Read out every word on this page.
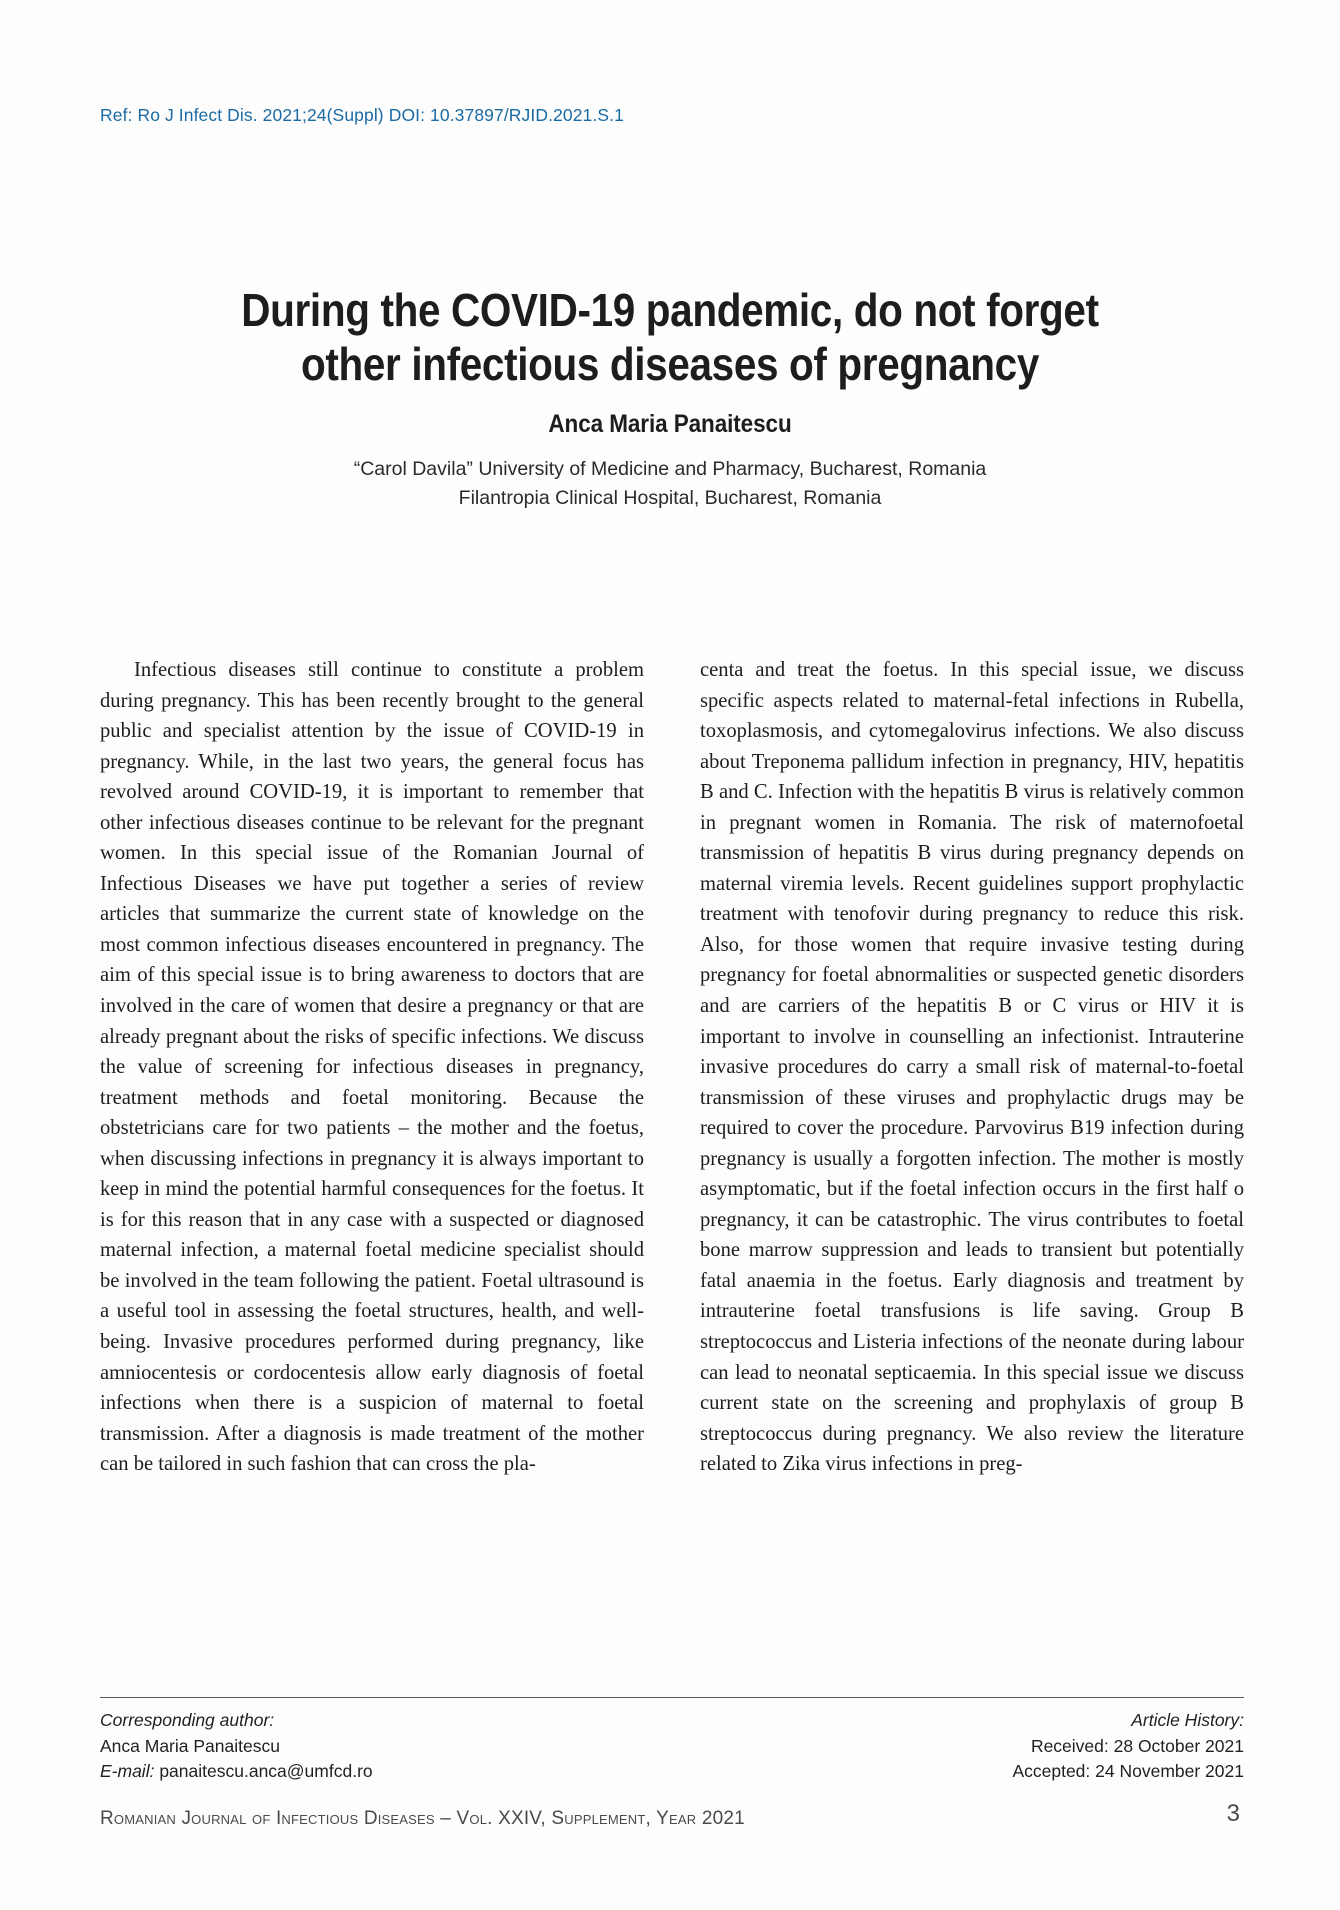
Ref: Ro J Infect Dis. 2021;24(Suppl) DOI: 10.37897/RJID.2021.S.1
During the COVID-19 pandemic, do not forget
other infectious diseases of pregnancy
Anca Maria Panaitescu
“Carol Davila” University of Medicine and Pharmacy, Bucharest, Romania
Filantropia Clinical Hospital, Bucharest, Romania

Infectious diseases still continue to constitute a problem during pregnancy. This has been recently brought to the general public and specialist attention by the issue of COVID-19 in pregnancy. While, in the last two years, the general focus has revolved around COVID-19, it is important to remember that other infectious diseases continue to be relevant for the pregnant women. In this special issue of the Romanian Journal of Infectious Diseases we have put together a series of review articles that summarize the current state of knowledge on the most common infectious diseases encountered in pregnancy. The aim of this special issue is to bring awareness to doctors that are involved in the care of women that desire a pregnancy or that are already pregnant about the risks of specific infections. We discuss the value of screening for infectious diseases in pregnancy, treatment methods and foetal monitoring. Because the obstetricians care for two patients – the mother and the foetus, when discussing infections in pregnancy it is always important to keep in mind the potential harmful consequences for the foetus. It is for this reason that in any case with a suspected or diagnosed maternal infection, a maternal foetal medicine specialist should be involved in the team following the patient. Foetal ultrasound is a useful tool in assessing the foetal structures, health, and well-being. Invasive procedures performed during pregnancy, like amniocentesis or cordocentesis allow early diagnosis of foetal infections when there is a suspicion of maternal to foetal transmission. After a diagnosis is made treatment of the mother can be tailored in such fashion that can cross the pla-

centa and treat the foetus. In this special issue, we discuss specific aspects related to maternal-fetal infections in Rubella, toxoplasmosis, and cytomegalovirus infections. We also discuss about Treponema pallidum infection in pregnancy, HIV, hepatitis B and C. Infection with the hepatitis B virus is relatively common in pregnant women in Romania. The risk of maternofoetal transmission of hepatitis B virus during pregnancy depends on maternal viremia levels. Recent guidelines support prophylactic treatment with tenofovir during pregnancy to reduce this risk. Also, for those women that require invasive testing during pregnancy for foetal abnormalities or suspected genetic disorders and are carriers of the hepatitis B or C virus or HIV it is important to involve in counselling an infectionist. Intrauterine invasive procedures do carry a small risk of maternal-to-foetal transmission of these viruses and prophylactic drugs may be required to cover the procedure. Parvovirus B19 infection during pregnancy is usually a forgotten infection. The mother is mostly asymptomatic, but if the foetal infection occurs in the first half o pregnancy, it can be catastrophic. The virus contributes to foetal bone marrow suppression and leads to transient but potentially fatal anaemia in the foetus. Early diagnosis and treatment by intrauterine foetal transfusions is life saving. Group B streptococcus and Listeria infections of the neonate during labour can lead to neonatal septicaemia. In this special issue we discuss current state on the screening and prophylaxis of group B streptococcus during pregnancy. We also review the literature related to Zika virus infections in preg-

Corresponding author:
Anca Maria Panaitescu
E-mail: panaitescu.anca@umfcd.ro
Article History:
Received: 28 October 2021
Accepted: 24 November 2021
Romanian Journal of Infectious Diseases – Vol. XXIV, Supplement, Year 2021	3
